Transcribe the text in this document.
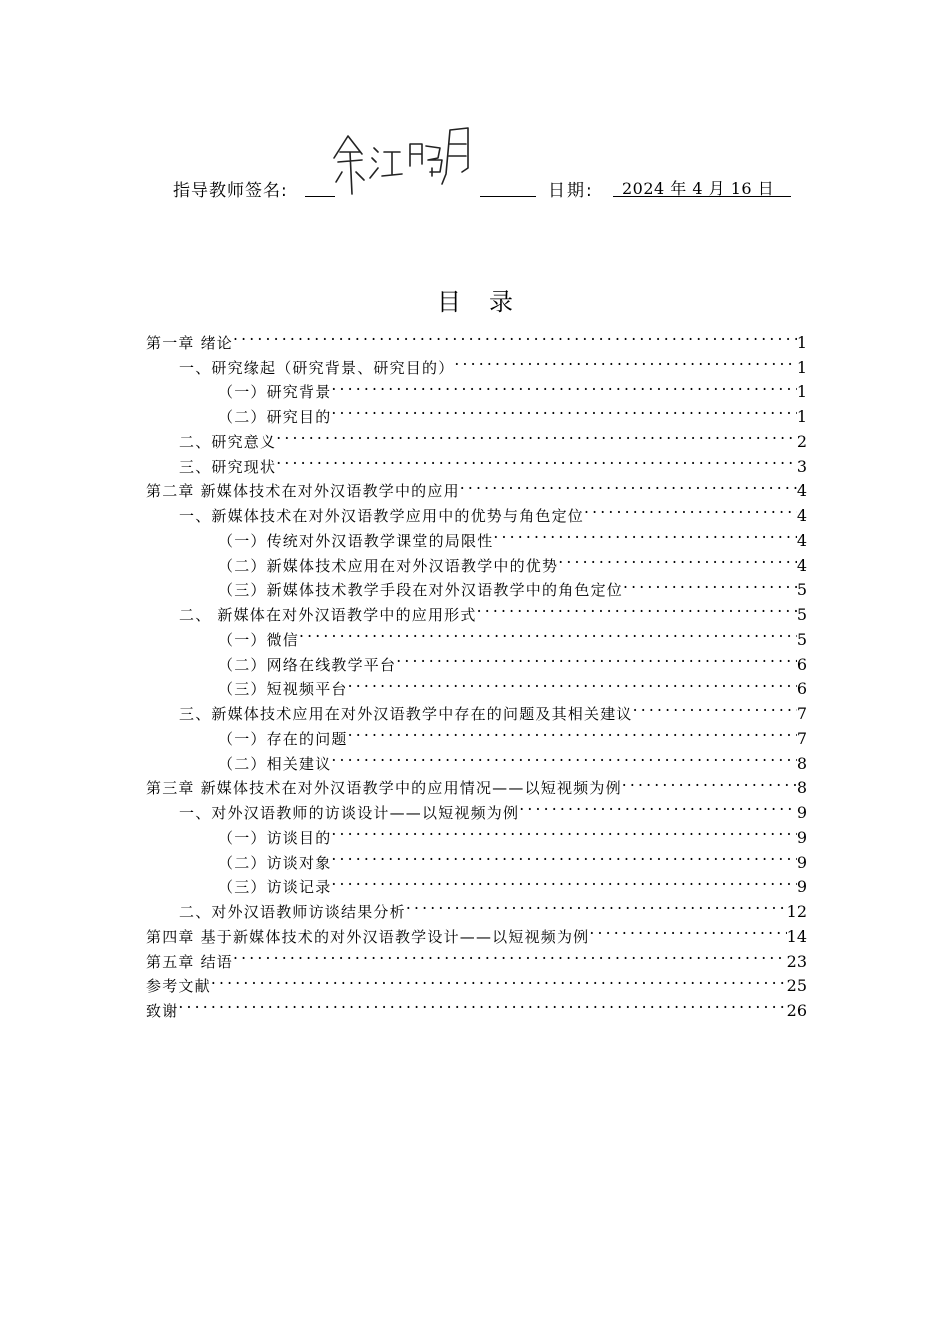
指导教师签名:	日期: 2024 年 4 月 16 日
目录
第一章 绪论 .....	1
一、研究缘起（研究背景、研究目的） .....	1
（一）研究背景 .....	1
（二）研究目的 .....	1
二、研究意义 .....	2
三、研究现状 .....	3
第二章 新媒体技术在对外汉语教学中的应用 .....	4
一、新媒体技术在对外汉语教学应用中的优势与角色定位 .....	4
（一）传统对外汉语教学课堂的局限性 .....	4
（二）新媒体技术应用在对外汉语教学中的优势 .....	4
（三）新媒体技术教学手段在对外汉语教学中的角色定位 .....	5
二、 新媒体在对外汉语教学中的应用形式 .....	5
（一）微信 .....	5
（二）网络在线教学平台 .....	6
（三）短视频平台 .....	6
三、新媒体技术应用在对外汉语教学中存在的问题及其相关建议 .....	7
（一）存在的问题 .....	7
（二）相关建议 .....	8
第三章 新媒体技术在对外汉语教学中的应用情况——以短视频为例 .....	8
一、对外汉语教师的访谈设计——以短视频为例 .....	9
（一）访谈目的 .....	9
（二）访谈对象 .....	9
（三）访谈记录 .....	9
二、对外汉语教师访谈结果分析 .....	12
第四章 基于新媒体技术的对外汉语教学设计——以短视频为例 .....	14
第五章 结语 .....	23
参考文献 .....	25
致谢 .....	26
